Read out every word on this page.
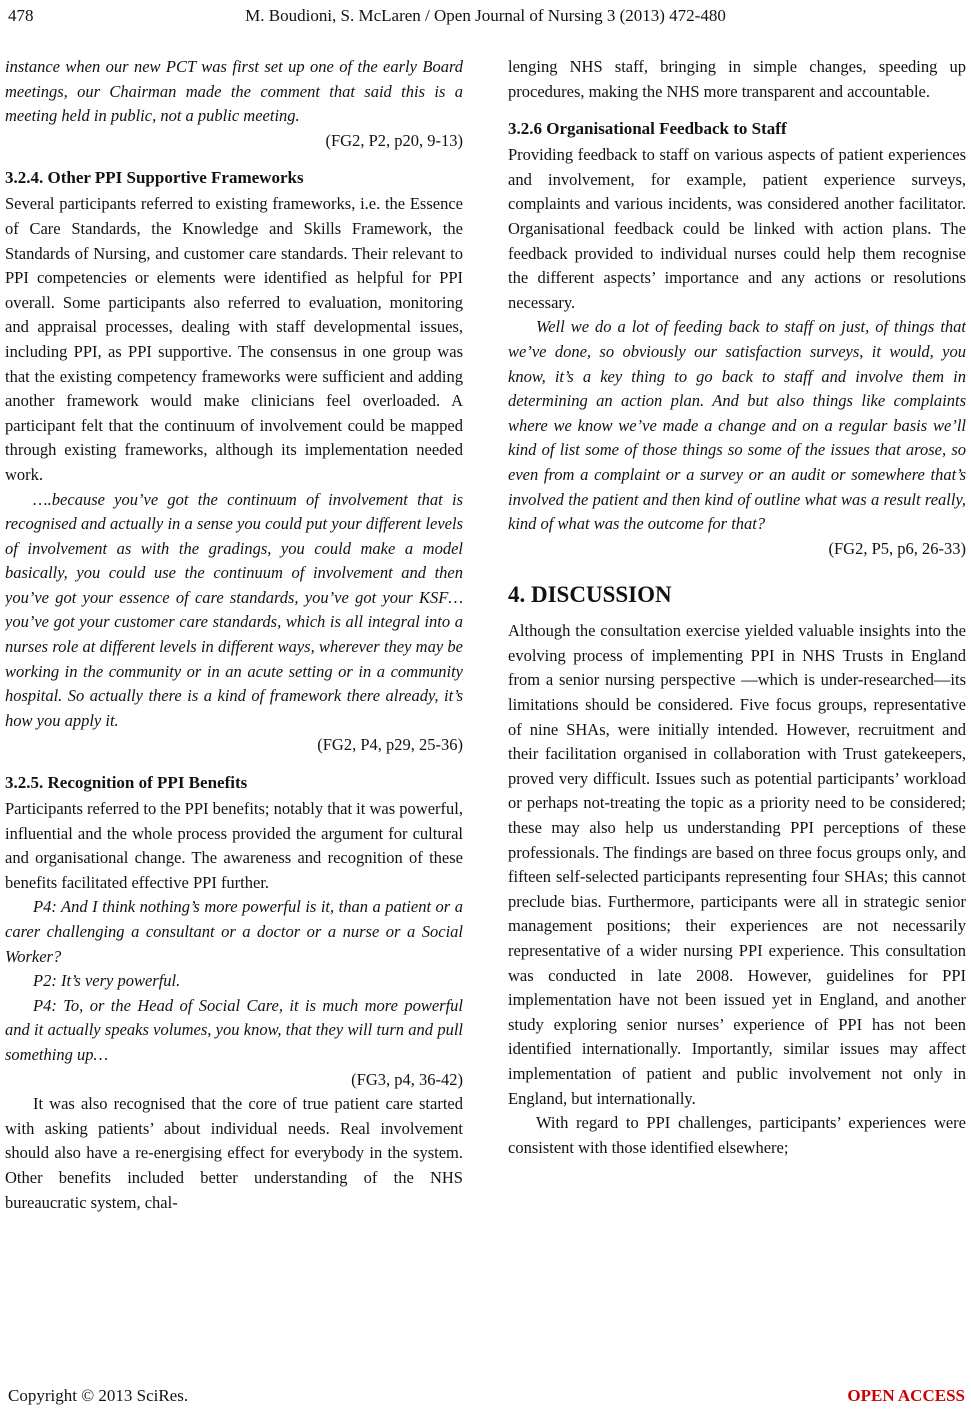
478	M. Boudioni, S. McLaren / Open Journal of Nursing 3 (2013) 472-480

instance when our new PCT was first set up one of the early Board meetings, our Chairman made the comment that said this is a meeting held in public, not a public meeting.

(FG2, P2, p20, 9-13)

3.2.4. Other PPI Supportive Frameworks

Several participants referred to existing frameworks, i.e. the Essence of Care Standards, the Knowledge and Skills Framework, the Standards of Nursing, and customer care standards. Their relevant to PPI competencies or elements were identified as helpful for PPI overall. Some participants also referred to evaluation, monitoring and appraisal processes, dealing with staff developmental issues, including PPI, as PPI supportive. The consensus in one group was that the existing competency frameworks were sufficient and adding another framework would make clinicians feel overloaded. A participant felt that the continuum of involvement could be mapped through existing frameworks, although its implementation needed work.

….because you’ve got the continuum of involvement that is recognised and actually in a sense you could put your different levels of involvement as with the gradings, you could make a model basically, you could use the continuum of involvement and then you’ve got your essence of care standards, you’ve got your KSF… you’ve got your customer care standards, which is all integral into a nurses role at different levels in different ways, wherever they may be working in the community or in an acute setting or in a community hospital. So actually there is a kind of framework there already, it’s how you apply it.

(FG2, P4, p29, 25-36)

3.2.5. Recognition of PPI Benefits

Participants referred to the PPI benefits; notably that it was powerful, influential and the whole process provided the argument for cultural and organisational change. The awareness and recognition of these benefits facilitated effective PPI further.

P4: And I think nothing’s more powerful is it, than a patient or a carer challenging a consultant or a doctor or a nurse or a Social Worker?

P2: It’s very powerful.

P4: To, or the Head of Social Care, it is much more powerful and it actually speaks volumes, you know, that they will turn and pull something up…

(FG3, p4, 36-42)

It was also recognised that the core of true patient care started with asking patients’ about individual needs. Real involvement should also have a re-energising effect for everybody in the system. Other benefits included better understanding of the NHS bureaucratic system, chal-

lenging NHS staff, bringing in simple changes, speeding up procedures, making the NHS more transparent and accountable.

3.2.6 Organisational Feedback to Staff

Providing feedback to staff on various aspects of patient experiences and involvement, for example, patient experience surveys, complaints and various incidents, was considered another facilitator. Organisational feedback could be linked with action plans. The feedback provided to individual nurses could help them recognise the different aspects’ importance and any actions or resolutions necessary.

Well we do a lot of feeding back to staff on just, of things that we’ve done, so obviously our satisfaction surveys, it would, you know, it’s a key thing to go back to staff and involve them in determining an action plan. And but also things like complaints where we know we’ve made a change and on a regular basis we’ll kind of list some of those things so some of the issues that arose, so even from a complaint or a survey or an audit or somewhere that’s involved the patient and then kind of outline what was a result really, kind of what was the outcome for that?

(FG2, P5, p6, 26-33)

4. DISCUSSION

Although the consultation exercise yielded valuable insights into the evolving process of implementing PPI in NHS Trusts in England from a senior nursing perspective —which is under-researched—its limitations should be considered. Five focus groups, representative of nine SHAs, were initially intended. However, recruitment and their facilitation organised in collaboration with Trust gatekeepers, proved very difficult. Issues such as potential participants’ workload or perhaps not-treating the topic as a priority need to be considered; these may also help us understanding PPI perceptions of these professionals. The findings are based on three focus groups only, and fifteen self-selected participants representing four SHAs; this cannot preclude bias. Furthermore, participants were all in strategic senior management positions; their experiences are not necessarily representative of a wider nursing PPI experience. This consultation was conducted in late 2008. However, guidelines for PPI implementation have not been issued yet in England, and another study exploring senior nurses’ experience of PPI has not been identified internationally. Importantly, similar issues may affect implementation of patient and public involvement not only in England, but internationally.

With regard to PPI challenges, participants’ experiences were consistent with those identified elsewhere;

Copyright © 2013 SciRes.	OPEN ACCESS
